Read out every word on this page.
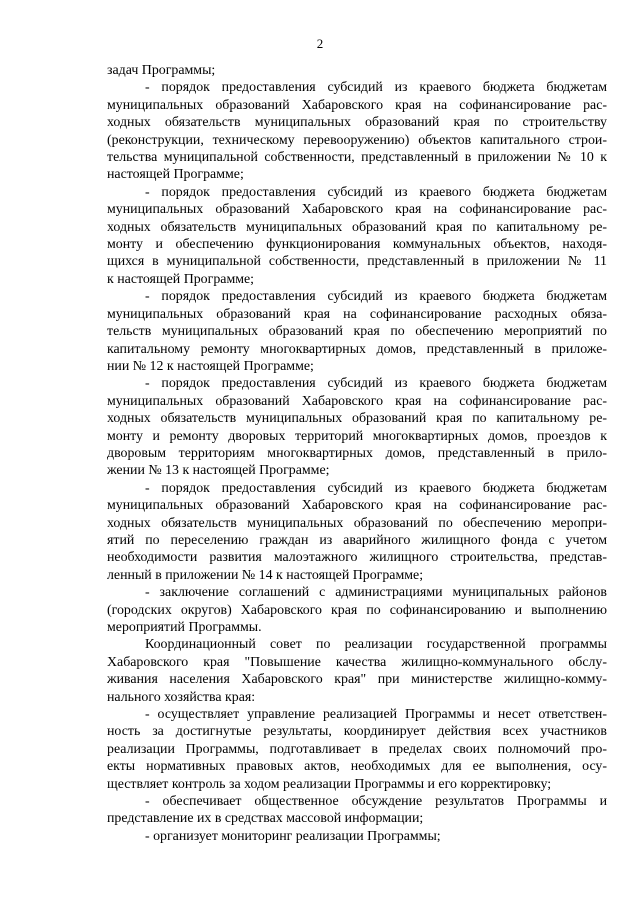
2

задач Программы;

- порядок предоставления субсидий из краевого бюджета бюджетам
муниципальных образований Хабаровского края на софинансирование рас-
ходных обязательств муниципальных образований края по строительству
(реконструкции, техническому перевооружению) объектов капитального строи-
тельства муниципальной собственности, представленный в приложении № 10 к
настоящей Программе;

- порядок предоставления субсидий из краевого бюджета бюджетам
муниципальных образований Хабаровского края на софинансирование рас-
ходных обязательств муниципальных образований края по капитальному ре-
монту и обеспечению функционирования коммунальных объектов, находя-
щихся в муниципальной собственности, представленный в приложении № 11
к настоящей Программе;

- порядок предоставления субсидий из краевого бюджета бюджетам
муниципальных образований края на софинансирование расходных обяза-
тельств муниципальных образований края по обеспечению мероприятий по
капитальному ремонту многоквартирных домов, представленный в приложе-
нии № 12 к настоящей Программе;

- порядок предоставления субсидий из краевого бюджета бюджетам
муниципальных образований Хабаровского края на софинансирование рас-
ходных обязательств муниципальных образований края по капитальному ре-
монту и ремонту дворовых территорий многоквартирных домов, проездов к
дворовым территориям многоквартирных домов, представленный в прило-
жении № 13 к настоящей Программе;

- порядок предоставления субсидий из краевого бюджета бюджетам
муниципальных образований Хабаровского края на софинансирование рас-
ходных обязательств муниципальных образований по обеспечению меропри-
ятий по переселению граждан из аварийного жилищного фонда с учетом
необходимости развития малоэтажного жилищного строительства, представ-
ленный в приложении № 14 к настоящей Программе;

- заключение соглашений с администрациями муниципальных районов
(городских округов) Хабаровского края по софинансированию и выполнению
мероприятий Программы.

Координационный совет по реализации государственной программы
Хабаровского края "Повышение качества жилищно-коммунального обслу-
живания населения Хабаровского края" при министерстве жилищно-комму-
нального хозяйства края:

- осуществляет управление реализацией Программы и несет ответствен-
ность за достигнутые результаты, координирует действия всех участников
реализации Программы, подготавливает в пределах своих полномочий про-
екты нормативных правовых актов, необходимых для ее выполнения, осу-
ществляет контроль за ходом реализации Программы и его корректировку;

- обеспечивает общественное обсуждение результатов Программы и
представление их в средствах массовой информации;

- организует мониторинг реализации Программы;
